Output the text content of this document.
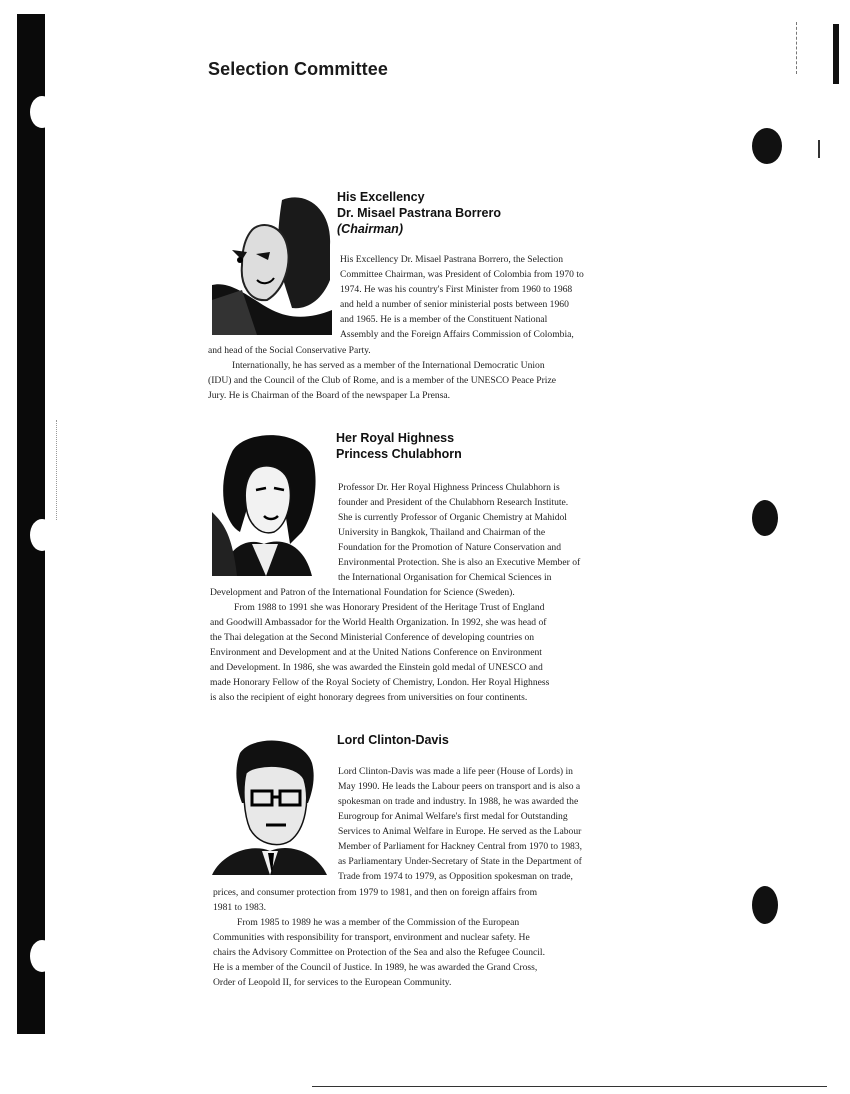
Selection Committee
His Excellency
Dr. Misael Pastrana Borrero
(Chairman)

His Excellency Dr. Misael Pastrana Borrero, the Selection

Committee Chairman, was President of Colombia from 1970 to

1974. He was his country's First Minister from 1960 to 1968

and held a number of senior ministerial posts between 1960

and 1965. He is a member of the Constituent National

Assembly and the Foreign Affairs Commission of Colombia,

and head of the Social Conservative Party.

Internationally, he has served as a member of the International Democratic Union

(IDU) and the Council of the Club of Rome, and is a member of the UNESCO Peace Prize

Jury. He is Chairman of the Board of the newspaper La Prensa.

Her Royal Highness
Princess Chulabhorn

Professor Dr. Her Royal Highness Princess Chulabhorn is

founder and President of the Chulabhorn Research Institute.

She is currently Professor of Organic Chemistry at Mahidol

University in Bangkok, Thailand and Chairman of the

Foundation for the Promotion of Nature Conservation and

Environmental Protection. She is also an Executive Member of

the International Organisation for Chemical Sciences in

Development and Patron of the International Foundation for Science (Sweden).

From 1988 to 1991 she was Honorary President of the Heritage Trust of England

and Goodwill Ambassador for the World Health Organization. In 1992, she was head of

the Thai delegation at the Second Ministerial Conference of developing countries on

Environment and Development and at the United Nations Conference on Environment

and Development. In 1986, she was awarded the Einstein gold medal of UNESCO and

made Honorary Fellow of the Royal Society of Chemistry, London. Her Royal Highness

is also the recipient of eight honorary degrees from universities on four continents.

Lord Clinton-Davis

Lord Clinton-Davis was made a life peer (House of Lords) in

May 1990. He leads the Labour peers on transport and is also a

spokesman on trade and industry. In 1988, he was awarded the

Eurogroup for Animal Welfare's first medal for Outstanding

Services to Animal Welfare in Europe. He served as the Labour

Member of Parliament for Hackney Central from 1970 to 1983,

as Parliamentary Under-Secretary of State in the Department of

Trade from 1974 to 1979, as Opposition spokesman on trade,

prices, and consumer protection from 1979 to 1981, and then on foreign affairs from

1981 to 1983.

From 1985 to 1989 he was a member of the Commission of the European

Communities with responsibility for transport, environment and nuclear safety. He

chairs the Advisory Committee on Protection of the Sea and also the Refugee Council.

He is a member of the Council of Justice. In 1989, he was awarded the Grand Cross,

Order of Leopold II, for services to the European Community.
